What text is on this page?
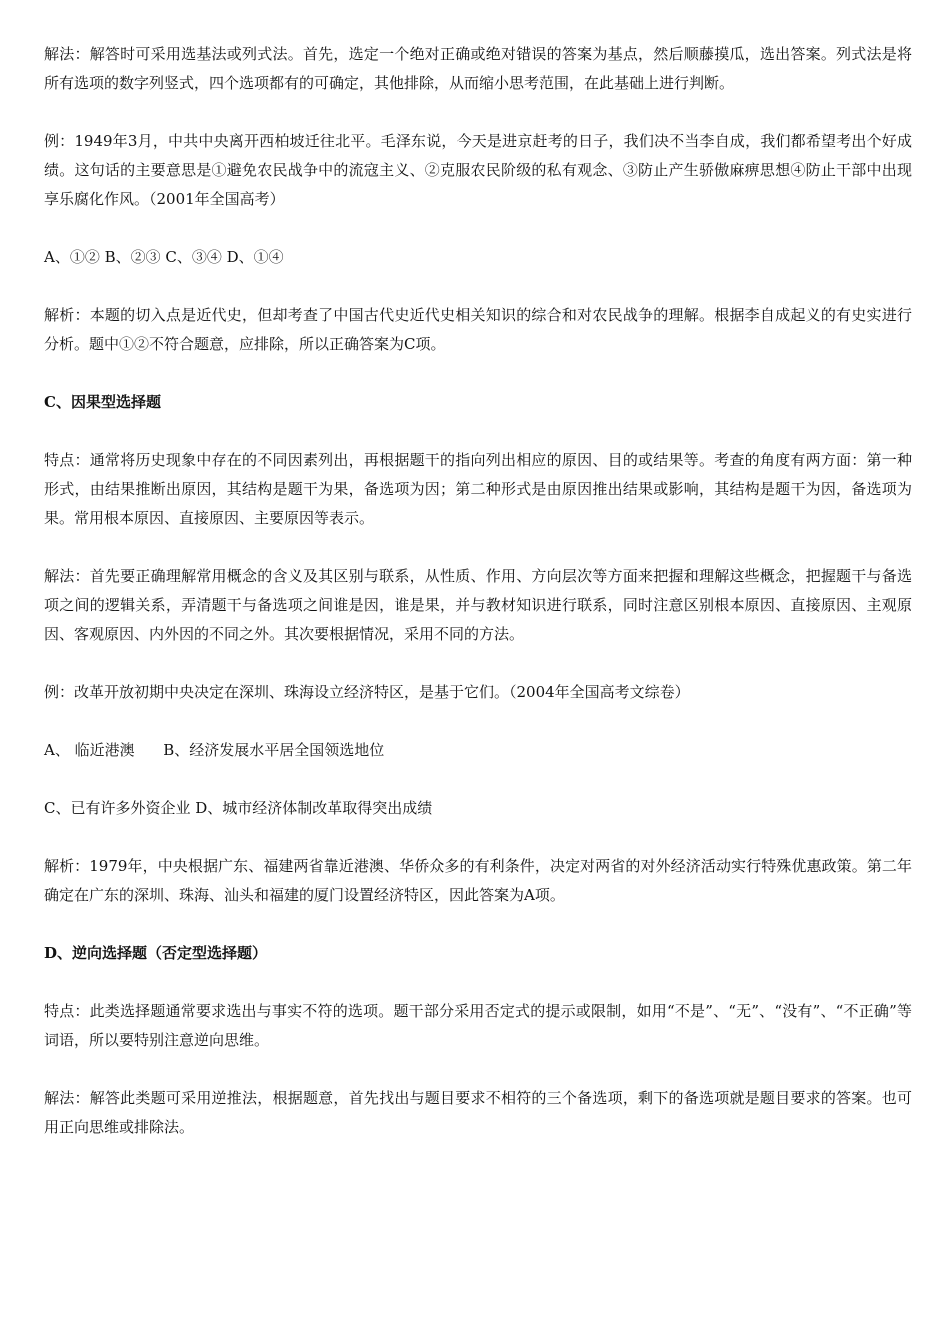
解法：解答时可采用选基法或列式法。首先，选定一个绝对正确或绝对错误的答案为基点，然后顺藤摸瓜，选出答案。列式法是将所有选项的数字列竖式，四个选项都有的可确定，其他排除，从而缩小思考范围，在此基础上进行判断。

例：1949年3月，中共中央离开西柏坡迁往北平。毛泽东说，今天是进京赶考的日子，我们决不当李自成，我们都希望考出个好成绩。这句话的主要意思是①避免农民战争中的流寇主义、②克服农民阶级的私有观念、③防止产生骄傲麻痹思想④防止干部中出现享乐腐化作风。（2001年全国高考）

A、①② B、②③ C、③④ D、①④

解析：本题的切入点是近代史，但却考查了中国古代史近代史相关知识的综合和对农民战争的理解。根据李自成起义的有史实进行分析。题中①②不符合题意，应排除，所以正确答案为C项。

C、因果型选择题

特点：通常将历史现象中存在的不同因素列出，再根据题干的指向列出相应的原因、目的或结果等。考查的角度有两方面：第一种形式，由结果推断出原因，其结构是题干为果，备选项为因；第二种形式是由原因推出结果或影响，其结构是题干为因，备选项为果。常用根本原因、直接原因、主要原因等表示。

解法：首先要正确理解常用概念的含义及其区别与联系，从性质、作用、方向层次等方面来把握和理解这些概念，把握题干与备选项之间的逻辑关系，弄清题干与备选项之间谁是因，谁是果，并与教材知识进行联系，同时注意区别根本原因、直接原因、主观原因、客观原因、内外因的不同之外。其次要根据情况，采用不同的方法。

例：改革开放初期中央决定在深圳、珠海设立经济特区，是基于它们。（2004年全国高考文综卷）

A、 临近港澳      B、经济发展水平居全国领选地位

C、已有许多外资企业 D、城市经济体制改革取得突出成绩

解析：1979年，中央根据广东、福建两省靠近港澳、华侨众多的有利条件，决定对两省的对外经济活动实行特殊优惠政策。第二年确定在广东的深圳、珠海、汕头和福建的厦门设置经济特区，因此答案为A项。

D、逆向选择题（否定型选择题）

特点：此类选择题通常要求选出与事实不符的选项。题干部分采用否定式的提示或限制，如用“不是”、“无”、“没有”、“不正确”等词语，所以要特别注意逆向思维。

解法：解答此类题可采用逆推法，根据题意，首先找出与题目要求不相符的三个备选项，剩下的备选项就是题目要求的答案。也可用正向思维或排除法。
